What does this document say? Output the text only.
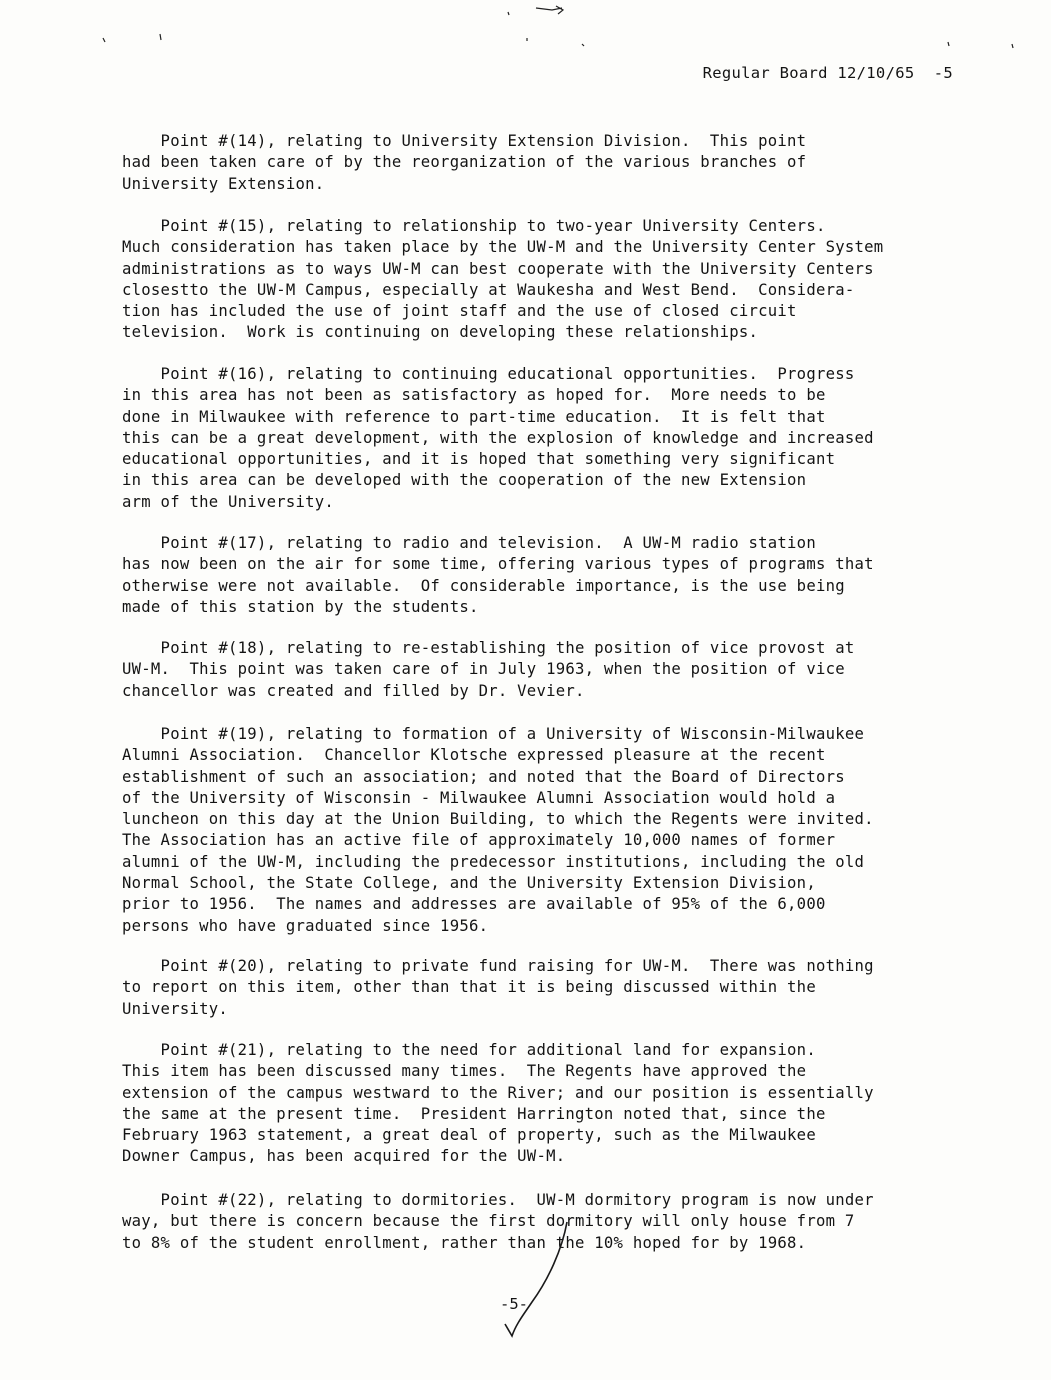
Regular Board 12/10/65  -5
Point #(14), relating to University Extension Division.  This point
had been taken care of by the reorganization of the various branches of
University Extension.
Point #(15), relating to relationship to two-year University Centers.
Much consideration has taken place by the UW-M and the University Center System
administrations as to ways UW-M can best cooperate with the University Centers
closestto the UW-M Campus, especially at Waukesha and West Bend.  Considera-
tion has included the use of joint staff and the use of closed circuit
television.  Work is continuing on developing these relationships.
Point #(16), relating to continuing educational opportunities.  Progress
in this area has not been as satisfactory as hoped for.  More needs to be
done in Milwaukee with reference to part-time education.  It is felt that
this can be a great development, with the explosion of knowledge and increased
educational opportunities, and it is hoped that something very significant
in this area can be developed with the cooperation of the new Extension
arm of the University.
Point #(17), relating to radio and television.  A UW-M radio station
has now been on the air for some time, offering various types of programs that
otherwise were not available.  Of considerable importance, is the use being
made of this station by the students.
Point #(18), relating to re-establishing the position of vice provost at
UW-M.  This point was taken care of in July 1963, when the position of vice
chancellor was created and filled by Dr. Vevier.
Point #(19), relating to formation of a University of Wisconsin-Milwaukee
Alumni Association.  Chancellor Klotsche expressed pleasure at the recent
establishment of such an association; and noted that the Board of Directors
of the University of Wisconsin - Milwaukee Alumni Association would hold a
luncheon on this day at the Union Building, to which the Regents were invited.
The Association has an active file of approximately 10,000 names of former
alumni of the UW-M, including the predecessor institutions, including the old
Normal School, the State College, and the University Extension Division,
prior to 1956.  The names and addresses are available of 95% of the 6,000
persons who have graduated since 1956.
Point #(20), relating to private fund raising for UW-M.  There was nothing
to report on this item, other than that it is being discussed within the
University.
Point #(21), relating to the need for additional land for expansion.
This item has been discussed many times.  The Regents have approved the
extension of the campus westward to the River; and our position is essentially
the same at the present time.  President Harrington noted that, since the
February 1963 statement, a great deal of property, such as the Milwaukee
Downer Campus, has been acquired for the UW-M.
Point #(22), relating to dormitories.  UW-M dormitory program is now under
way, but there is concern because the first dormitory will only house from 7
to 8% of the student enrollment, rather than the 10% hoped for by 1968.
-5-
